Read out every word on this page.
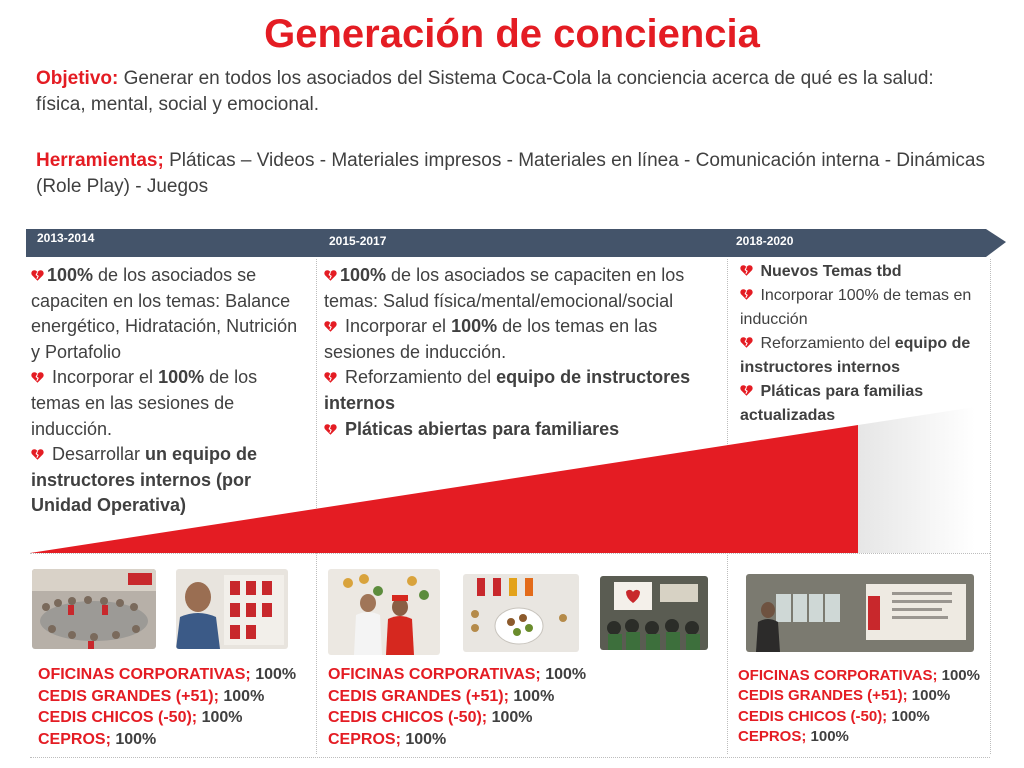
Generación de conciencia
Objetivo: Generar en todos los asociados del Sistema Coca-Cola la conciencia acerca de qué es la salud: física, mental, social y emocional.
Herramientas; Pláticas – Videos - Materiales impresos - Materiales en línea - Comunicación interna - Dinámicas (Role Play) - Juegos
2013-2014	2015-2017	2018-2020

100% de los asociados se capaciten en los temas: Balance energético, Hidratación, Nutrición y Portafolio

Incorporar el 100% de los temas en las sesiones de inducción.

Desarrollar un equipo de instructores internos (por Unidad Operativa)

100% de los asociados se capaciten en los temas: Salud física/mental/emocional/social

Incorporar el 100% de los temas en las sesiones de inducción.

Reforzamiento del equipo de instructores internos

Pláticas abiertas para familiares

Nuevos Temas tbd

Incorporar 100% de temas en inducción

Reforzamiento del equipo de instructores internos

Pláticas para familias actualizadas

OFICINAS CORPORATIVAS; 100%
CEDIS GRANDES (+51); 100%
CEDIS CHICOS (-50); 100%
CEPROS; 100%
OFICINAS CORPORATIVAS; 100%
CEDIS GRANDES (+51); 100%
CEDIS CHICOS (-50); 100%
CEPROS; 100%
OFICINAS CORPORATIVAS; 100%
CEDIS GRANDES (+51); 100%
CEDIS CHICOS (-50); 100%
CEPROS; 100%
